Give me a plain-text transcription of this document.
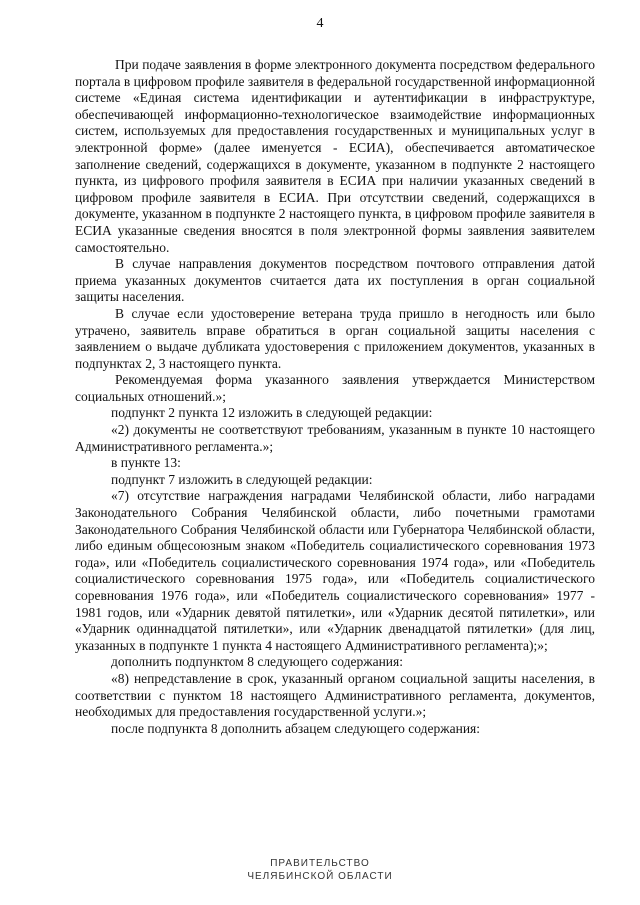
4

При подаче заявления в форме электронного документа посредством федерального портала в цифровом профиле заявителя в федеральной государственной информационной системе «Единая система идентификации и аутентификации в инфраструктуре, обеспечивающей информационно-технологическое взаимодействие информационных систем, используемых для предоставления государственных и муниципальных услуг в электронной форме» (далее именуется - ЕСИА), обеспечивается автоматическое заполнение сведений, содержащихся в документе, указанном в подпункте 2 настоящего пункта, из цифрового профиля заявителя в ЕСИА при наличии указанных сведений в цифровом профиле заявителя в ЕСИА. При отсутствии сведений, содержащихся в документе, указанном в подпункте 2 настоящего пункта, в цифровом профиле заявителя в ЕСИА указанные сведения вносятся в поля электронной формы заявления заявителем самостоятельно.

В случае направления документов посредством почтового отправления датой приема указанных документов считается дата их поступления в орган социальной защиты населения.

В случае если удостоверение ветерана труда пришло в негодность или было утрачено, заявитель вправе обратиться в орган социальной защиты населения с заявлением о выдаче дубликата удостоверения с приложением документов, указанных в подпунктах 2, 3 настоящего пункта.

Рекомендуемая форма указанного заявления утверждается Министерством социальных отношений.»;

подпункт 2 пункта 12 изложить в следующей редакции:

«2) документы не соответствуют требованиям, указанным в пункте 10 настоящего Административного регламента.»;

в пункте 13:

подпункт 7 изложить в следующей редакции:

«7) отсутствие награждения наградами Челябинской области, либо наградами Законодательного Собрания Челябинской области, либо почетными грамотами Законодательного Собрания Челябинской области или Губернатора Челябинской области, либо единым общесоюзным знаком «Победитель социалистического соревнования 1973 года», или «Победитель социалистического соревнования 1974 года», или «Победитель социалистического соревнования 1975 года», или «Победитель социалистического соревнования 1976 года», или «Победитель социалистического соревнования» 1977 - 1981 годов, или «Ударник девятой пятилетки», или «Ударник десятой пятилетки», или «Ударник одиннадцатой пятилетки», или «Ударник двенадцатой пятилетки» (для лиц, указанных в подпункте 1 пункта 4 настоящего Административного регламента);»;

дополнить подпунктом 8 следующего содержания:

«8) непредставление в срок, указанный органом социальной защиты населения, в соответствии с пунктом 18 настоящего Административного регламента, документов, необходимых для предоставления государственной услуги.»;

после подпункта 8 дополнить абзацем следующего содержания:

ПРАВИТЕЛЬСТВО
ЧЕЛЯБИНСКОЙ ОБЛАСТИ
